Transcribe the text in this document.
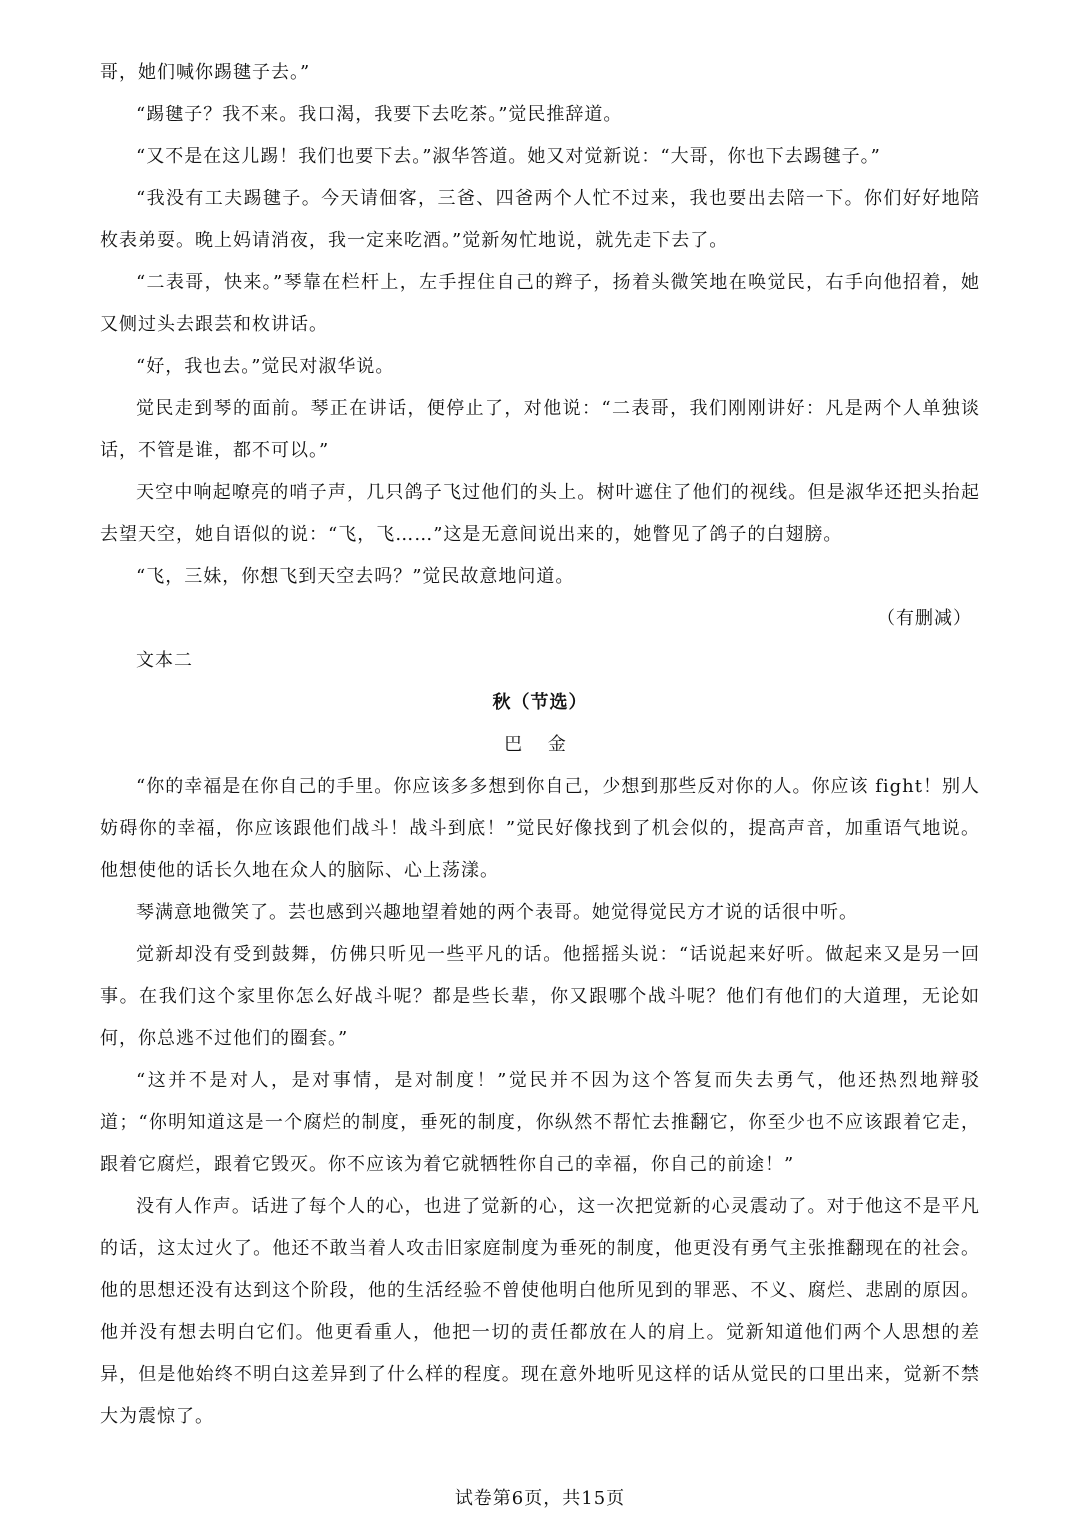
哥，她们喊你踢毽子去。”

“踢毽子？我不来。我口渴，我要下去吃茶。”觉民推辞道。

“又不是在这儿踢！我们也要下去。”淑华答道。她又对觉新说：“大哥，你也下去踢毽子。”

“我没有工夫踢毽子。今天请佃客，三爸、四爸两个人忙不过来，我也要出去陪一下。你们好好地陪枚表弟耍。晚上妈请消夜，我一定来吃酒。”觉新匆忙地说，就先走下去了。

“二表哥，快来。”琴靠在栏杆上，左手捏住自己的辫子，扬着头微笑地在唤觉民，右手向他招着，她又侧过头去跟芸和枚讲话。

“好，我也去。”觉民对淑华说。

觉民走到琴的面前。琴正在讲话，便停止了，对他说：“二表哥，我们刚刚讲好：凡是两个人单独谈话，不管是谁，都不可以。”

天空中响起嘹亮的哨子声，几只鸽子飞过他们的头上。树叶遮住了他们的视线。但是淑华还把头抬起去望天空，她自语似的说：“飞，飞……”这是无意间说出来的，她瞥见了鸽子的白翅膀。

“飞，三妹，你想飞到天空去吗？”觉民故意地问道。

（有删减）

文本二

秋（节选）

巴 金

“你的幸福是在你自己的手里。你应该多多想到你自己，少想到那些反对你的人。你应该 fight！别人妨碍你的幸福，你应该跟他们战斗！战斗到底！”觉民好像找到了机会似的，提高声音，加重语气地说。他想使他的话长久地在众人的脑际、心上荡漾。

琴满意地微笑了。芸也感到兴趣地望着她的两个表哥。她觉得觉民方才说的话很中听。

觉新却没有受到鼓舞，仿佛只听见一些平凡的话。他摇摇头说：“话说起来好听。做起来又是另一回事。在我们这个家里你怎么好战斗呢？都是些长辈，你又跟哪个战斗呢？他们有他们的大道理，无论如何，你总逃不过他们的圈套。”

“这并不是对人，是对事情，是对制度！”觉民并不因为这个答复而失去勇气，他还热烈地辩驳道；“你明知道这是一个腐烂的制度，垂死的制度，你纵然不帮忙去推翻它，你至少也不应该跟着它走，跟着它腐烂，跟着它毁灭。你不应该为着它就牺牲你自己的幸福，你自己的前途！”

没有人作声。话进了每个人的心，也进了觉新的心，这一次把觉新的心灵震动了。对于他这不是平凡的话，这太过火了。他还不敢当着人攻击旧家庭制度为垂死的制度，他更没有勇气主张推翻现在的社会。他的思想还没有达到这个阶段，他的生活经验不曾使他明白他所见到的罪恶、不义、腐烂、悲剧的原因。他并没有想去明白它们。他更看重人，他把一切的责任都放在人的肩上。觉新知道他们两个人思想的差异，但是他始终不明白这差异到了什么样的程度。现在意外地听见这样的话从觉民的口里出来，觉新不禁大为震惊了。

试卷第6页，共15页
